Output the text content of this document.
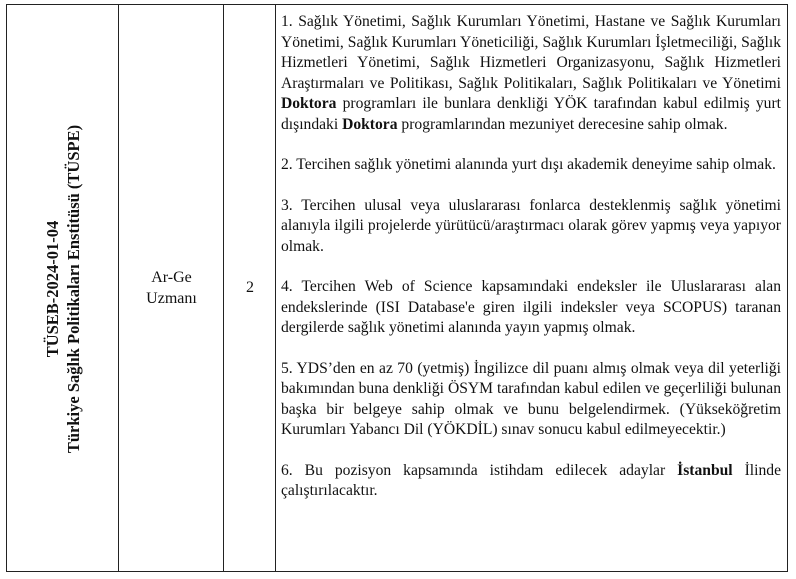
TÜSEB-2024-01-04 Türkiye Sağlık Politikaları Enstitüsü (TÜSPE)	Ar-Ge
Uzmanı
2

1. Sağlık Yönetimi, Sağlık Kurumları Yönetimi, Hastane ve Sağlık Kurumları Yönetimi, Sağlık Kurumları Yöneticiliği, Sağlık Kurumları İşletmeciliği, Sağlık Hizmetleri Yönetimi, Sağlık Hizmetleri Organizasyonu, Sağlık Hizmetleri Araştırmaları ve Politikası, Sağlık Politikaları, Sağlık Politikaları ve Yönetimi Doktora programları ile bunlara denkliği YÖK tarafından kabul edilmiş yurt dışındaki Doktora programlarından mezuniyet derecesine sahip olmak.

2. Tercihen sağlık yönetimi alanında yurt dışı akademik deneyime sahip olmak.

3. Tercihen ulusal veya uluslararası fonlarca desteklenmiş sağlık yönetimi alanıyla ilgili projelerde yürütücü/araştırmacı olarak görev yapmış veya yapıyor olmak.

4. Tercihen Web of Science kapsamındaki endeksler ile Uluslararası alan endekslerinde (ISI Database'e giren ilgili indeksler veya SCOPUS) taranan dergilerde sağlık yönetimi alanında yayın yapmış olmak.

5. YDS’den en az 70 (yetmiş) İngilizce dil puanı almış olmak veya dil yeterliği bakımından buna denkliği ÖSYM tarafından kabul edilen ve geçerliliği bulunan başka bir belgeye sahip olmak ve bunu belgelendirmek. (Yükseköğretim Kurumları Yabancı Dil (YÖKDİL) sınav sonucu kabul edilmeyecektir.)

6. Bu pozisyon kapsamında istihdam edilecek adaylar İstanbul İlinde çalıştırılacaktır.
